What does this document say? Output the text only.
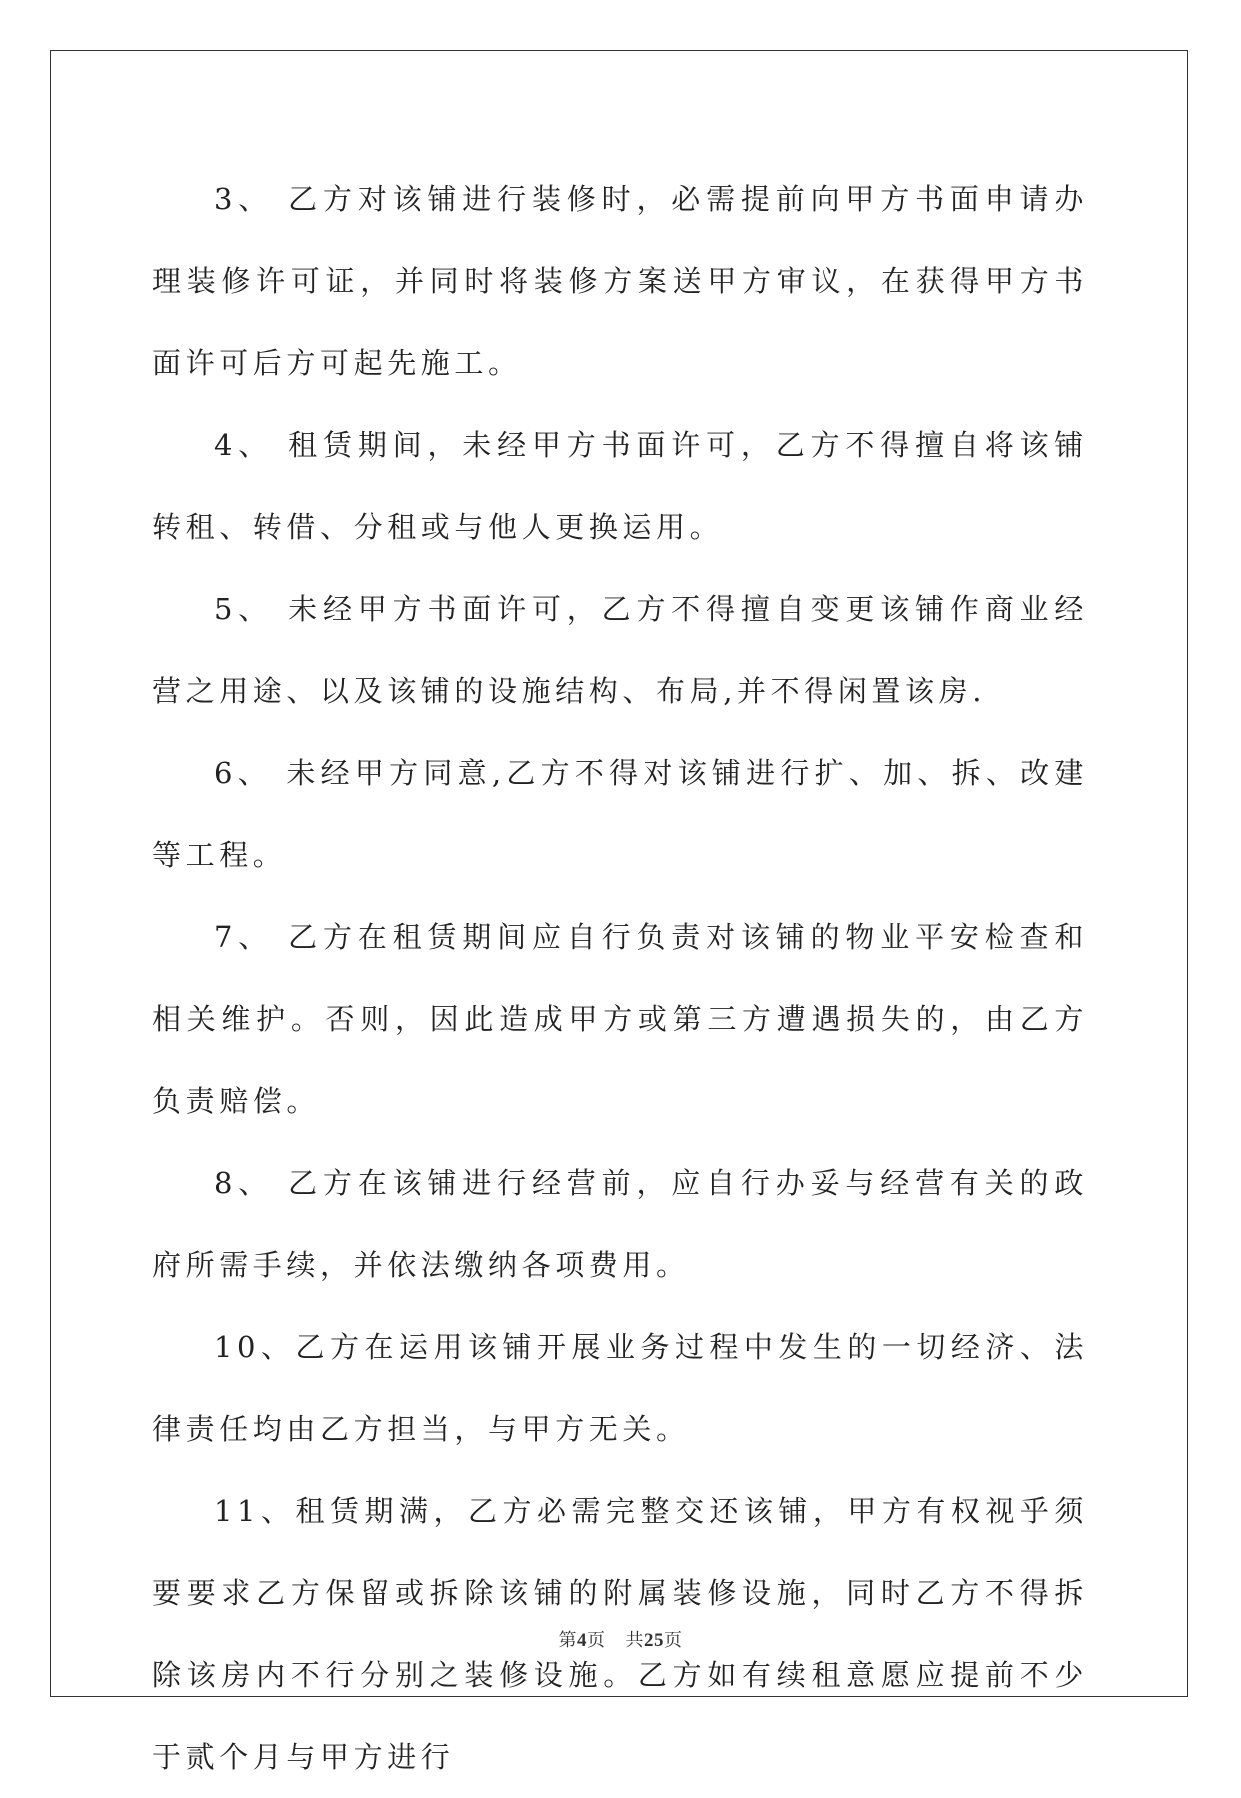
3、 乙方对该铺进行装修时，必需提前向甲方书面申请办理装修许可证，并同时将装修方案送甲方审议，在获得甲方书面许可后方可起先施工。

4、 租赁期间，未经甲方书面许可，乙方不得擅自将该铺转租、转借、分租或与他人更换运用。

5、 未经甲方书面许可，乙方不得擅自变更该铺作商业经营之用途、以及该铺的设施结构、布局,并不得闲置该房.

6、 未经甲方同意,乙方不得对该铺进行扩、加、拆、改建等工程。

7、 乙方在租赁期间应自行负责对该铺的物业平安检查和相关维护。否则，因此造成甲方或第三方遭遇损失的，由乙方负责赔偿。

8、 乙方在该铺进行经营前，应自行办妥与经营有关的政府所需手续，并依法缴纳各项费用。

10、乙方在运用该铺开展业务过程中发生的一切经济、法律责任均由乙方担当，与甲方无关。

11、租赁期满，乙方必需完整交还该铺，甲方有权视乎须要要求乙方保留或拆除该铺的附属装修设施，同时乙方不得拆除该房内不行分别之装修设施。乙方如有续租意愿应提前不少于贰个月与甲方进行

第4页 共25页
